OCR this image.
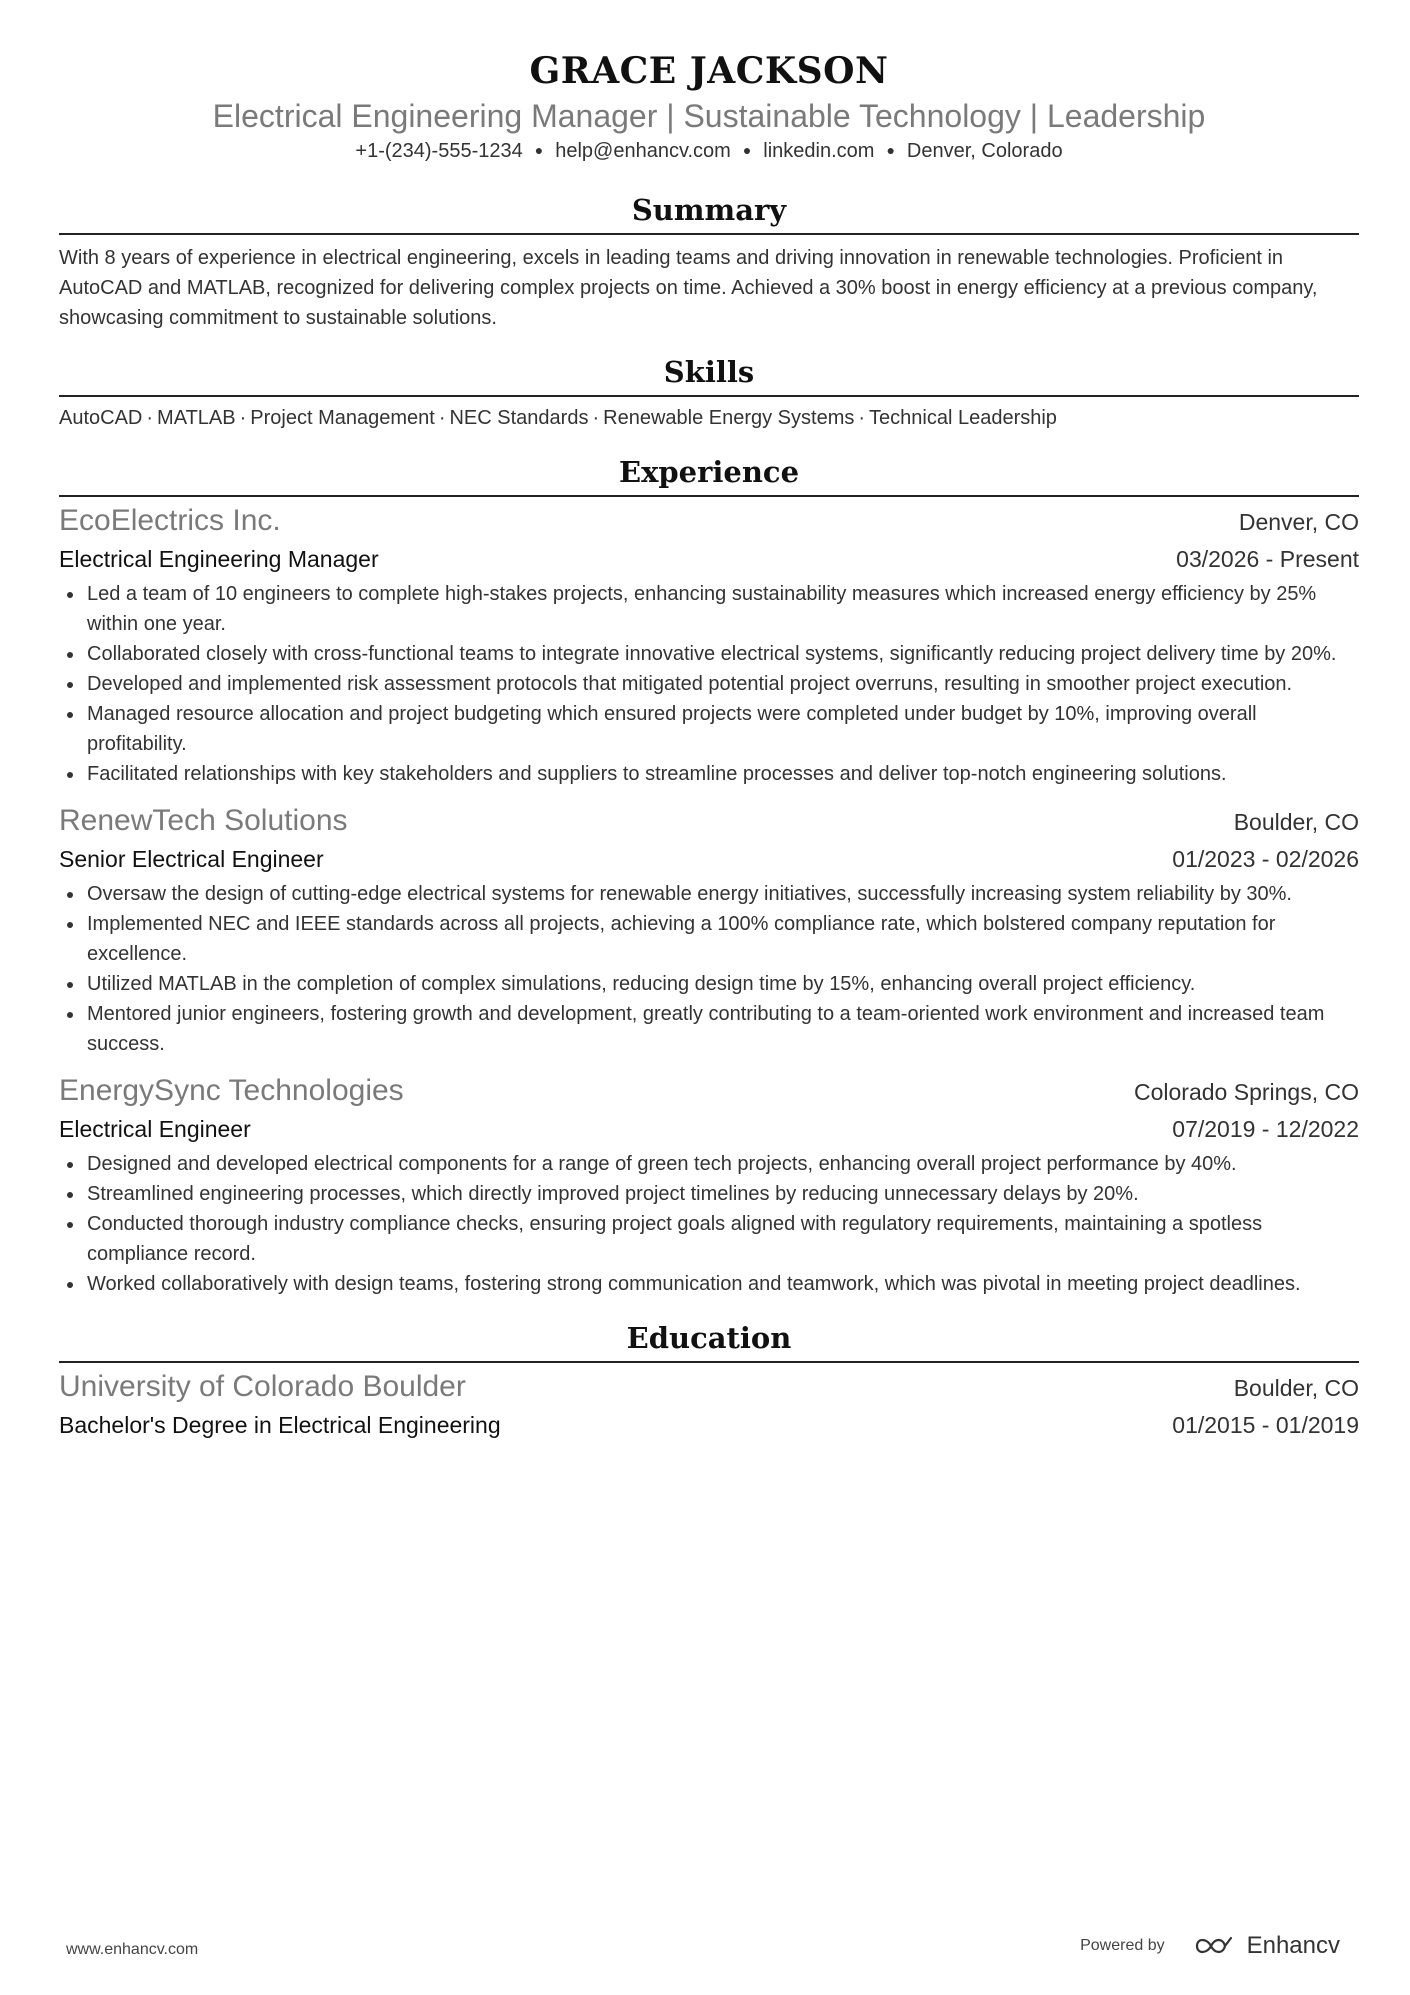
GRACE JACKSON
Electrical Engineering Manager | Sustainable Technology | Leadership
+1-(234)-555-1234 ● help@enhancv.com ● linkedin.com ● Denver, Colorado
Summary
With 8 years of experience in electrical engineering, excels in leading teams and driving innovation in renewable technologies. Proficient in AutoCAD and MATLAB, recognized for delivering complex projects on time. Achieved a 30% boost in energy efficiency at a previous company, showcasing commitment to sustainable solutions.
Skills
AutoCAD · MATLAB · Project Management · NEC Standards · Renewable Energy Systems · Technical Leadership
Experience
EcoElectrics Inc.	Denver, CO
Electrical Engineering Manager	03/2026 - Present
Led a team of 10 engineers to complete high-stakes projects, enhancing sustainability measures which increased energy efficiency by 25% within one year.
Collaborated closely with cross-functional teams to integrate innovative electrical systems, significantly reducing project delivery time by 20%.
Developed and implemented risk assessment protocols that mitigated potential project overruns, resulting in smoother project execution.
Managed resource allocation and project budgeting which ensured projects were completed under budget by 10%, improving overall profitability.
Facilitated relationships with key stakeholders and suppliers to streamline processes and deliver top-notch engineering solutions.
RenewTech Solutions	Boulder, CO
Senior Electrical Engineer	01/2023 - 02/2026
Oversaw the design of cutting-edge electrical systems for renewable energy initiatives, successfully increasing system reliability by 30%.
Implemented NEC and IEEE standards across all projects, achieving a 100% compliance rate, which bolstered company reputation for excellence.
Utilized MATLAB in the completion of complex simulations, reducing design time by 15%, enhancing overall project efficiency.
Mentored junior engineers, fostering growth and development, greatly contributing to a team-oriented work environment and increased team success.
EnergySync Technologies	Colorado Springs, CO
Electrical Engineer	07/2019 - 12/2022
Designed and developed electrical components for a range of green tech projects, enhancing overall project performance by 40%.
Streamlined engineering processes, which directly improved project timelines by reducing unnecessary delays by 20%.
Conducted thorough industry compliance checks, ensuring project goals aligned with regulatory requirements, maintaining a spotless compliance record.
Worked collaboratively with design teams, fostering strong communication and teamwork, which was pivotal in meeting project deadlines.
Education
University of Colorado Boulder	Boulder, CO
Bachelor's Degree in Electrical Engineering	01/2015 - 01/2019
www.enhancv.com	Powered by	Enhancv
